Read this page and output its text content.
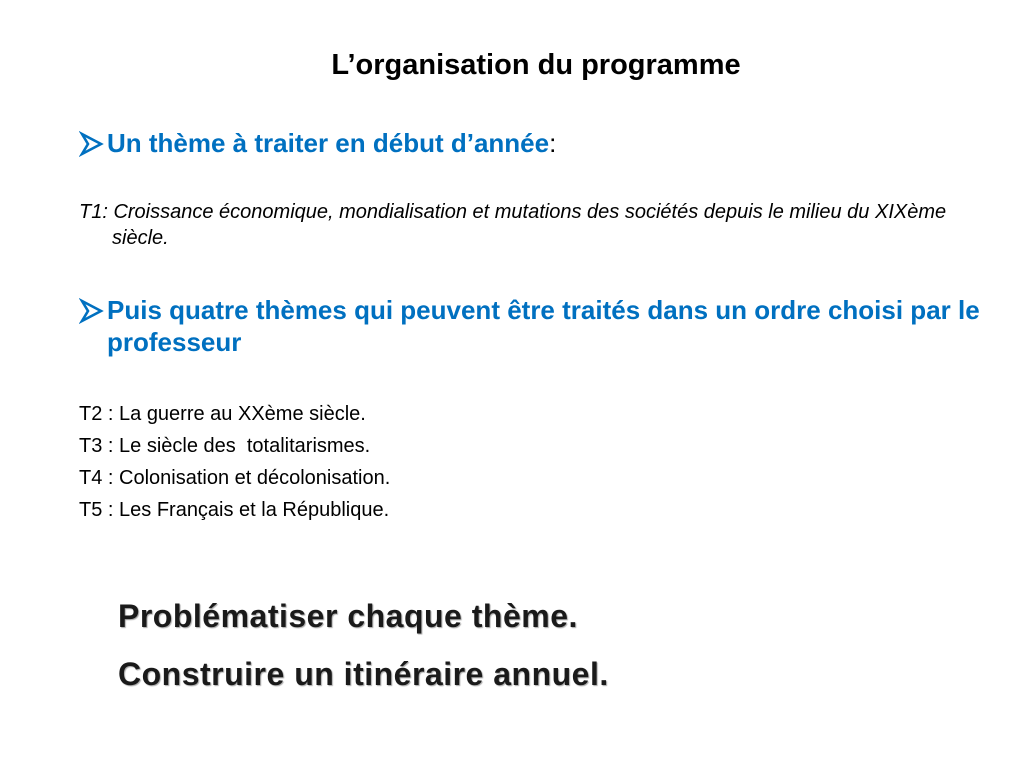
L’organisation du programme
Un thème à traiter en début d’année:
T1: Croissance économique, mondialisation et mutations des sociétés depuis le milieu du XIXème siècle.
Puis quatre thèmes qui peuvent être traités dans un ordre choisi par le professeur
T2 : La guerre au XXème siècle.
T3 : Le siècle des  totalitarismes.
T4 : Colonisation et décolonisation.
T5 : Les Français et la République.
Problématiser chaque thème.
Construire un itinéraire annuel.
